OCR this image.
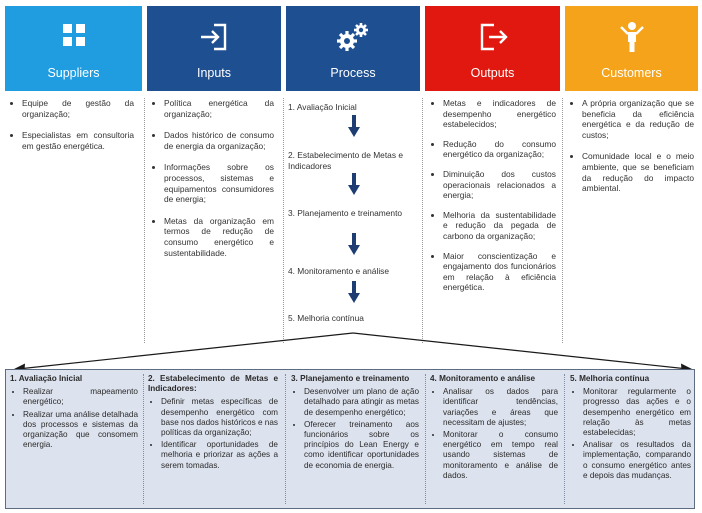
Suppliers	Inputs	Process	Outputs	Customers
• Equipe de gestão da organização;
• Especialistas em consultoria em gestão energética.
• Política energética da organização;
• Dados histórico de consumo de energia da organização;
• Informações sobre os processos, sistemas e equipamentos consumidores de energia;
• Metas da organização em termos de redução de consumo energético e sustentabilidade.
1. Avaliação Inicial
2. Estabelecimento de Metas e Indicadores
3. Planejamento e treinamento
4. Monitoramento e análise
5. Melhoria contínua
• Metas e indicadores de desempenho energético estabelecidos;
• Redução do consumo energético da organização;
• Diminuição dos custos operacionais relacionados a energia;
• Melhoria da sustentabilidade e redução da pegada de carbono da organização;
• Maior conscientização e engajamento dos funcionários em relação à eficiência energética.
• A própria organização que se beneficia da eficiência energética e da redução de custos;
• Comunidade local e o meio ambiente, que se beneficiam da redução do impacto ambiental.
1. Avaliação Inicial
• Realizar mapeamento energético;
• Realizar uma análise detalhada dos processos e sistemas da organização que consomem energia.
2. Estabelecimento de Metas e Indicadores:
• Definir metas específicas de desempenho energético com base nos dados históricos e nas políticas da organização;
• Identificar oportunidades de melhoria e priorizar as ações a serem tomadas.
3. Planejamento e treinamento
• Desenvolver um plano de ação detalhado para atingir as metas de desempenho energético;
• Oferecer treinamento aos funcionários sobre os princípios do Lean Energy e como identificar oportunidades de economia de energia.
4. Monitoramento e análise
• Analisar os dados para identificar tendências, variações e áreas que necessitam de ajustes;
• Monitorar o consumo energético em tempo real usando sistemas de monitoramento e análise de dados.
5. Melhoria contínua
• Monitorar regularmente o progresso das ações e o desempenho energético em relação às metas estabelecidas;
• Analisar os resultados da implementação, comparando o consumo energético antes e depois das mudanças.
